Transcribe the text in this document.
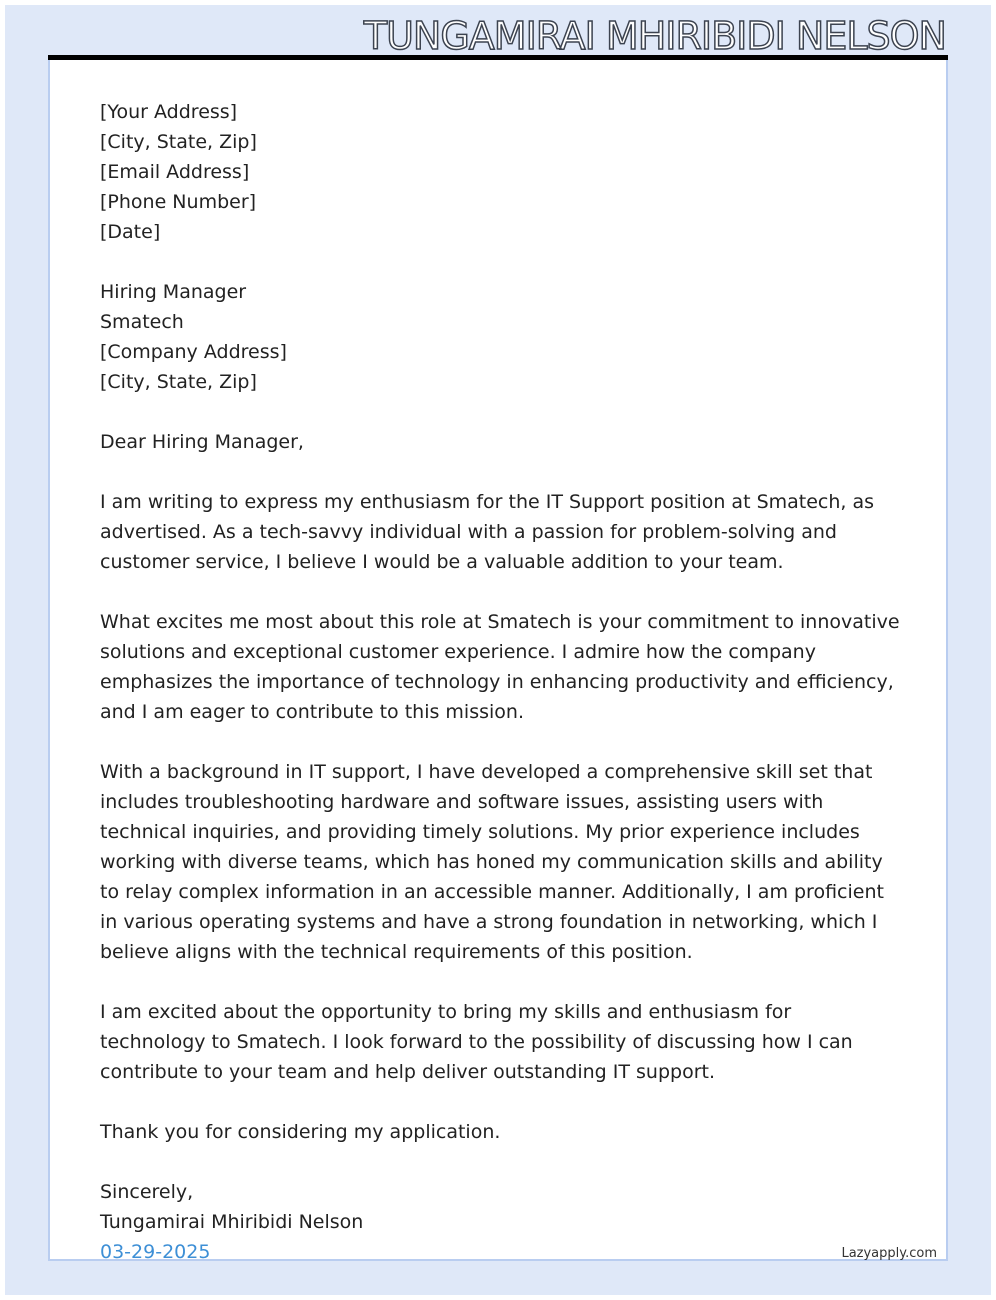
TUNGAMIRAI MHIRIBIDI NELSON
[Your Address]
[City, State, Zip]
[Email Address]
[Phone Number]
[Date]
Hiring Manager
Smatech
[Company Address]
[City, State, Zip]
Dear Hiring Manager,

I am writing to express my enthusiasm for the IT Support position at Smatech, as advertised. As a tech-savvy individual with a passion for problem-solving and customer service, I believe I would be a valuable addition to your team.

What excites me most about this role at Smatech is your commitment to innovative solutions and exceptional customer experience. I admire how the company emphasizes the importance of technology in enhancing productivity and efficiency, and I am eager to contribute to this mission.

With a background in IT support, I have developed a comprehensive skill set that includes troubleshooting hardware and software issues, assisting users with technical inquiries, and providing timely solutions. My prior experience includes working with diverse teams, which has honed my communication skills and ability to relay complex information in an accessible manner. Additionally, I am proficient in various operating systems and have a strong foundation in networking, which I believe aligns with the technical requirements of this position.

I am excited about the opportunity to bring my skills and enthusiasm for technology to Smatech. I look forward to the possibility of discussing how I can contribute to your team and help deliver outstanding IT support.

Thank you for considering my application.

Sincerely,
Tungamirai Mhiribidi Nelson
03-29-2025	Lazyapply.com
